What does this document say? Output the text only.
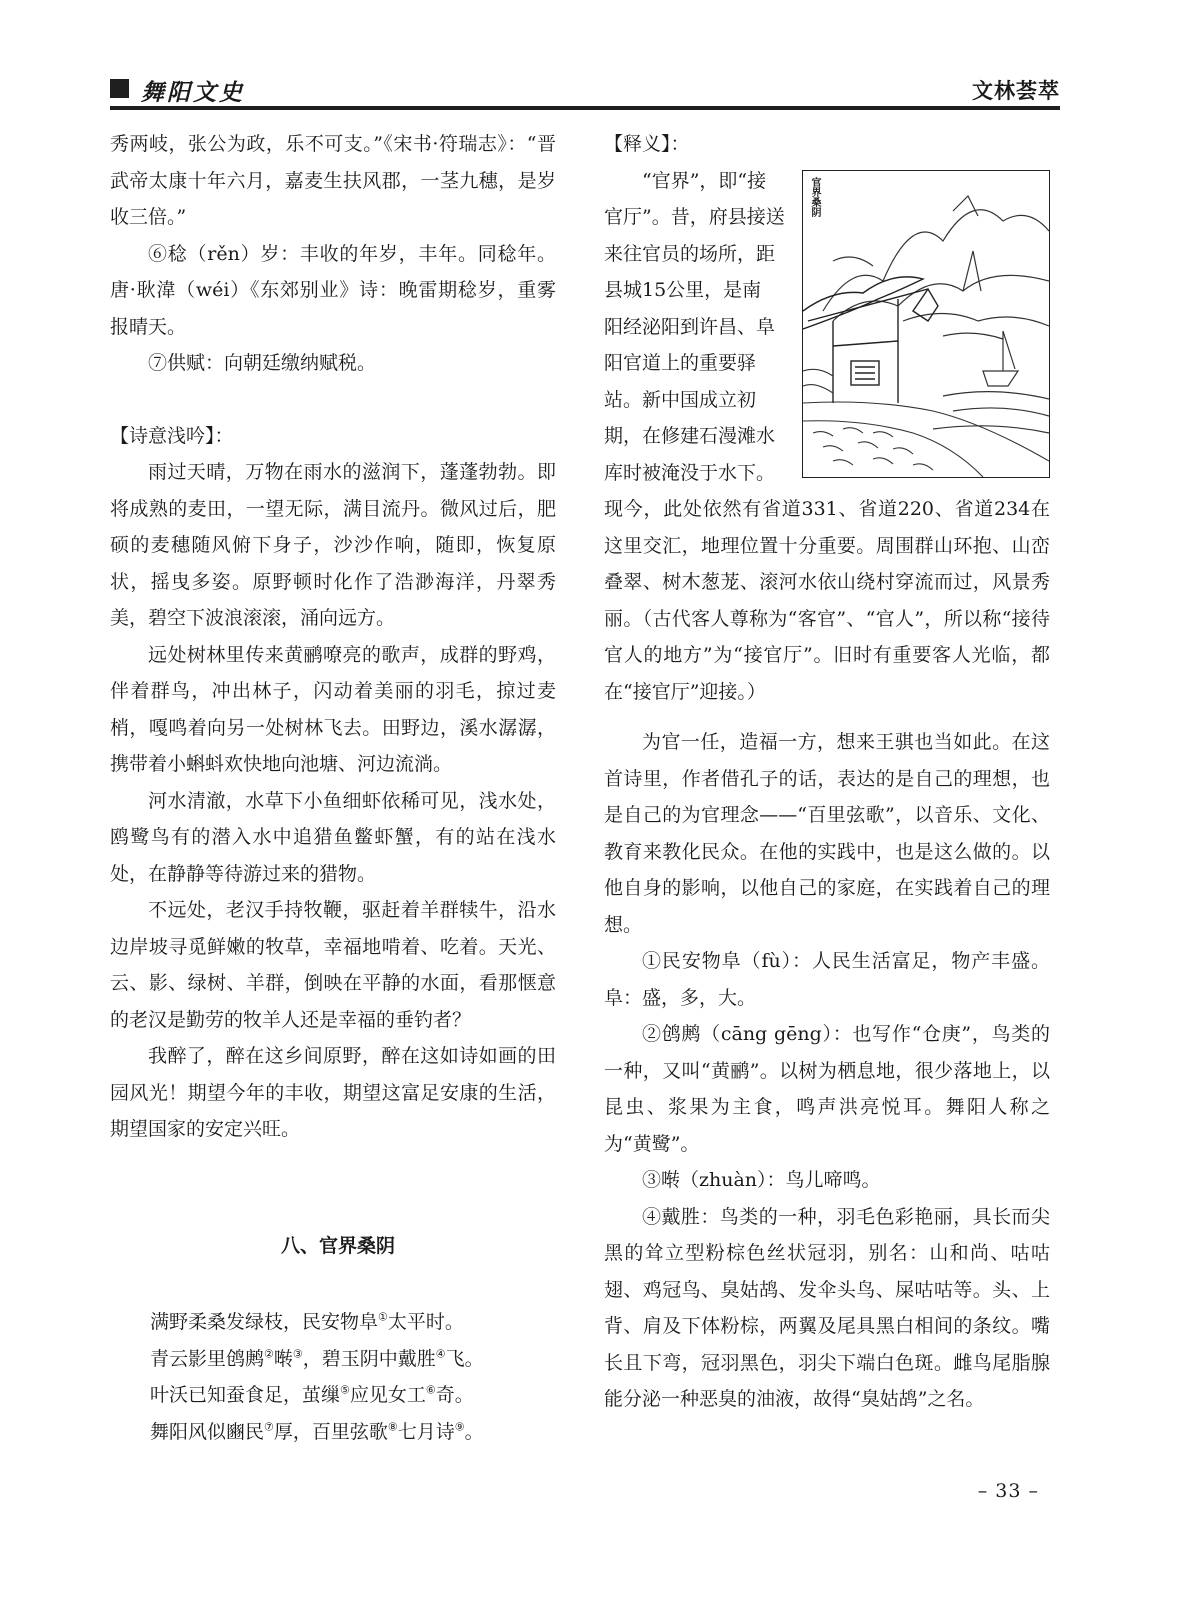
舞阳文史	文林荟萃

秀两岐，张公为政，乐不可支。”《宋书·符瑞志》：“晋武帝太康十年六月，嘉麦生扶风郡，一茎九穗，是岁收三倍。”

⑥稔（rěn）岁：丰收的年岁，丰年。同稔年。唐·耿湋（wéi）《东郊别业》诗：晚雷期稔岁，重雾报晴天。

⑦供赋：向朝廷缴纳赋税。

【诗意浅吟】：

雨过天晴，万物在雨水的滋润下，蓬蓬勃勃。即将成熟的麦田，一望无际，满目流丹。微风过后，肥硕的麦穗随风俯下身子，沙沙作响，随即，恢复原状，摇曳多姿。原野顿时化作了浩渺海洋，丹翠秀美，碧空下波浪滚滚，涌向远方。

远处树林里传来黄鹂嘹亮的歌声，成群的野鸡，伴着群鸟，冲出林子，闪动着美丽的羽毛，掠过麦梢，嘎鸣着向另一处树林飞去。田野边，溪水潺潺，携带着小蝌蚪欢快地向池塘、河边流淌。

河水清澈，水草下小鱼细虾依稀可见，浅水处，鸥鹭鸟有的潜入水中追猎鱼鳖虾蟹，有的站在浅水处，在静静等待游过来的猎物。

不远处，老汉手持牧鞭，驱赶着羊群犊牛，沿水边岸坡寻觅鲜嫩的牧草，幸福地啃着、吃着。天光、云、影、绿树、羊群，倒映在平静的水面，看那惬意的老汉是勤劳的牧羊人还是幸福的垂钓者？

我醉了，醉在这乡间原野，醉在这如诗如画的田园风光！期望今年的丰收，期望这富足安康的生活，期望国家的安定兴旺。

八、官界桑阴

满野柔桑发绿枝，民安物阜①太平时。

青云影里鸧鹒②啭③，碧玉阴中戴胜④飞。

叶沃已知蚕食足，茧缫⑤应见女工⑥奇。

舞阳风似豳民⑦厚，百里弦歌⑧七月诗⑨。

【释义】：

“官界”，即“接

官厅”。昔，府县接送

来往官员的场所，距

县城15公里，是南

阳经泌阳到许昌、阜

阳官道上的重要驿

站。新中国成立初

期，在修建石漫滩水

库时被淹没于水下。

官界桑阴

现今，此处依然有省道331、省道220、省道234在这里交汇，地理位置十分重要。周围群山环抱、山峦叠翠、树木葱茏、滚河水依山绕村穿流而过，风景秀丽。（古代客人尊称为“客官”、“官人”，所以称“接待官人的地方”为“接官厅”。旧时有重要客人光临，都在“接官厅”迎接。）

为官一任，造福一方，想来王骐也当如此。在这首诗里，作者借孔子的话，表达的是自己的理想，也是自己的为官理念——“百里弦歌”，以音乐、文化、教育来教化民众。在他的实践中，也是这么做的。以他自身的影响，以他自己的家庭，在实践着自己的理想。

①民安物阜（fù）：人民生活富足，物产丰盛。阜：盛，多，大。

②鸧鹒（cāng gēng）：也写作“仓庚”，鸟类的一种，又叫“黄鹂”。以树为栖息地，很少落地上，以昆虫、浆果为主食，鸣声洪亮悦耳。舞阳人称之为“黄鹭”。

③啭（zhuàn）：鸟儿啼鸣。

④戴胜：鸟类的一种，羽毛色彩艳丽，具长而尖黑的耸立型粉棕色丝状冠羽，别名：山和尚、咕咕翅、鸡冠鸟、臭姑鸪、发伞头鸟、屎咕咕等。头、上背、肩及下体粉棕，两翼及尾具黑白相间的条纹。嘴长且下弯，冠羽黑色，羽尖下端白色斑。雌鸟尾脂腺能分泌一种恶臭的油液，故得“臭姑鸪”之名。

– 33 –
